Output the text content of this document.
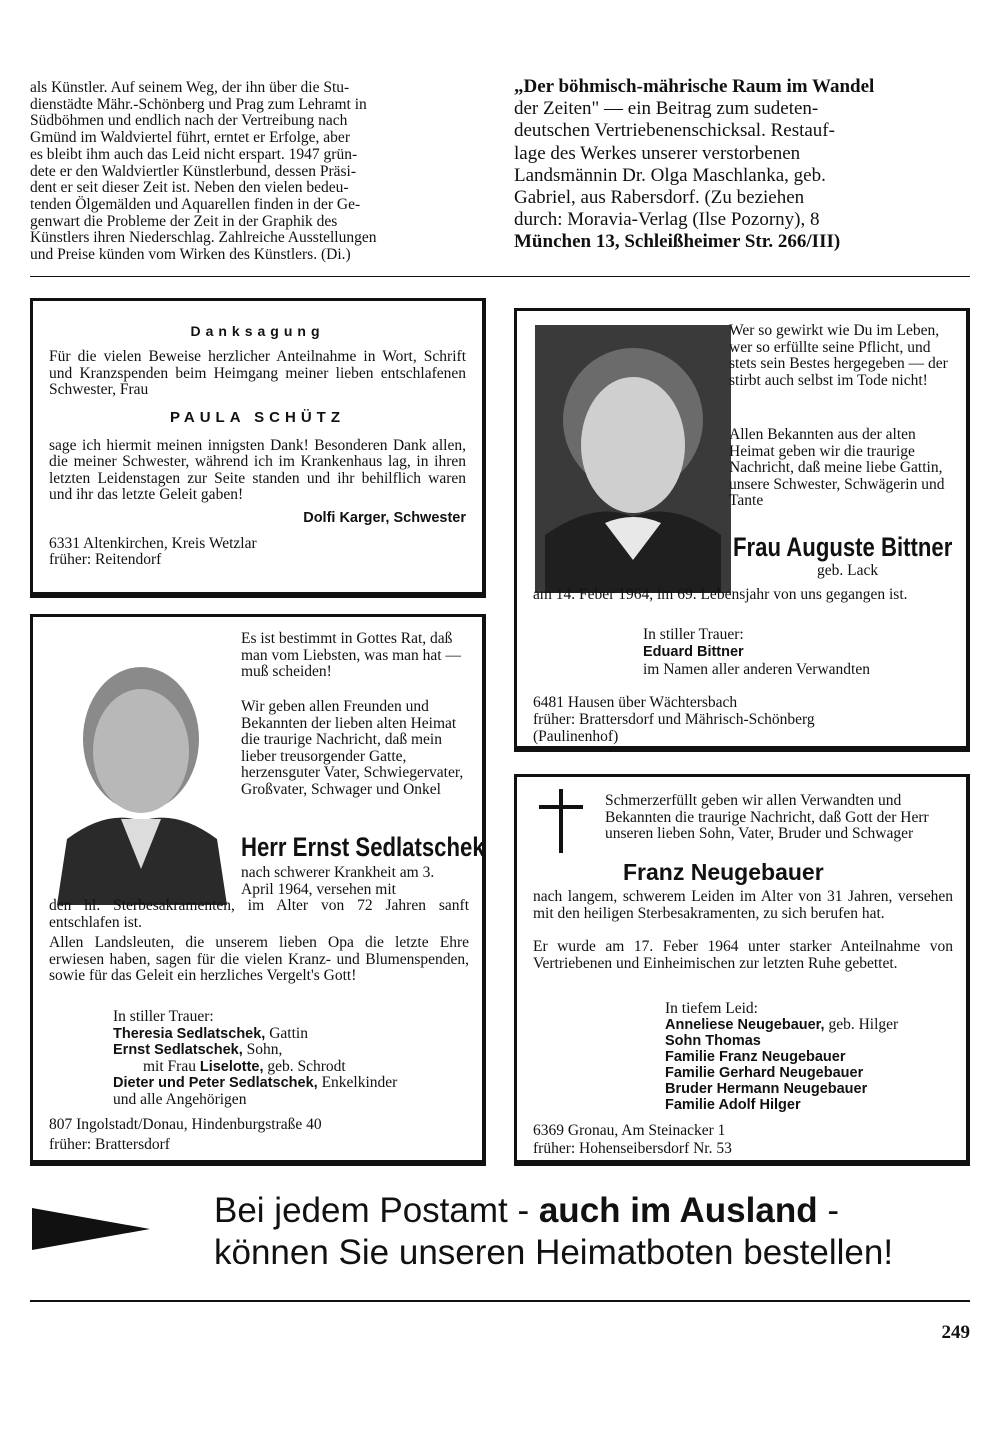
als Künstler. Auf seinem Weg, der ihn über die Stu-

dienstädte Mähr.-Schönberg und Prag zum Lehramt in

Südböhmen und endlich nach der Vertreibung nach

Gmünd im Waldviertel führt, erntet er Erfolge, aber

es bleibt ihm auch das Leid nicht erspart. 1947 grün-

dete er den Waldviertler Künstlerbund, dessen Präsi-

dent er seit dieser Zeit ist. Neben den vielen bedeu-

tenden Ölgemälden und Aquarellen finden in der Ge-

genwart die Probleme der Zeit in der Graphik des

Künstlers ihren Niederschlag. Zahlreiche Ausstellungen

und Preise künden vom Wirken des Künstlers. (Di.)

„Der böhmisch-mährische Raum im Wandel

der Zeiten" — ein Beitrag zum sudeten-

deutschen Vertriebenenschicksal. Restauf-

lage des Werkes unserer verstorbenen

Landsmännin Dr. Olga Maschlanka, geb.

Gabriel, aus Rabersdorf. (Zu beziehen

durch: Moravia-Verlag (Ilse Pozorny), 8

München 13, Schleißheimer Str. 266/III)

Danksagung
Für die vielen Beweise herzlicher Anteilnahme in Wort, Schrift und Kranzspenden beim Heimgang meiner lieben entschlafenen Schwester, Frau
PAULA SCHÜTZ
sage ich hiermit meinen innigsten Dank! Besonderen Dank allen, die meiner Schwester, während ich im Krankenhaus lag, in ihren letzten Leidenstagen zur Seite standen und ihr behilflich waren und ihr das letzte Geleit gaben!
Dolfi Karger, Schwester
6331 Altenkirchen, Kreis Wetzlar
früher: Reitendorf
Wer so gewirkt wie Du im Leben, wer so erfüllte seine Pflicht, und stets sein Bestes hergegeben — der stirbt auch selbst im Tode nicht!
Allen Bekannten aus der alten Heimat geben wir die traurige Nachricht, daß meine liebe Gattin, unsere Schwester, Schwägerin und Tante
Frau Auguste Bittner
geb. Lack
am 14. Feber 1964, im 69. Lebensjahr von uns gegangen ist.
In stiller Trauer:
Eduard Bittner
im Namen aller anderen Verwandten
6481 Hausen über Wächtersbach
früher: Brattersdorf und Mährisch-Schönberg
(Paulinenhof)
Es ist bestimmt in Gottes Rat, daß man vom Liebsten, was man hat — muß scheiden!
Wir geben allen Freunden und Bekannten der lieben alten Heimat die traurige Nachricht, daß mein lieber treusorgender Gatte, herzensguter Vater, Schwiegervater, Großvater, Schwager und Onkel
Herr Ernst Sedlatschek
nach schwerer Krankheit am 3. April 1964, versehen mit
den hl. Sterbesakramenten, im Alter von 72 Jahren sanft entschlafen ist.
Allen Landsleuten, die unserem lieben Opa die letzte Ehre erwiesen haben, sagen für die vielen Kranz- und Blumenspenden, sowie für das Geleit ein herzliches Vergelt's Gott!
In stiller Trauer:
Theresia Sedlatschek, Gattin
Ernst Sedlatschek, Sohn,
mit Frau Liselotte, geb. Schrodt
Dieter und Peter Sedlatschek, Enkelkinder
und alle Angehörigen
807 Ingolstadt/Donau, Hindenburgstraße 40
früher: Brattersdorf
Schmerzerfüllt geben wir allen Verwandten und Bekannten die traurige Nachricht, daß Gott der Herr unseren lieben Sohn, Vater, Bruder und Schwager
Franz Neugebauer
nach langem, schwerem Leiden im Alter von 31 Jahren, versehen mit den heiligen Sterbesakramenten, zu sich berufen hat.
Er wurde am 17. Feber 1964 unter starker Anteilnahme von Vertriebenen und Einheimischen zur letzten Ruhe gebettet.
In tiefem Leid:

Anneliese Neugebauer, geb. Hilger

Sohn Thomas

Familie Franz Neugebauer

Familie Gerhard Neugebauer

Bruder Hermann Neugebauer

Familie Adolf Hilger

6369 Gronau, Am Steinacker 1
früher: Hohenseibersdorf Nr. 53
Bei jedem Postamt - auch im Ausland -
können Sie unseren Heimatboten bestellen!
249
